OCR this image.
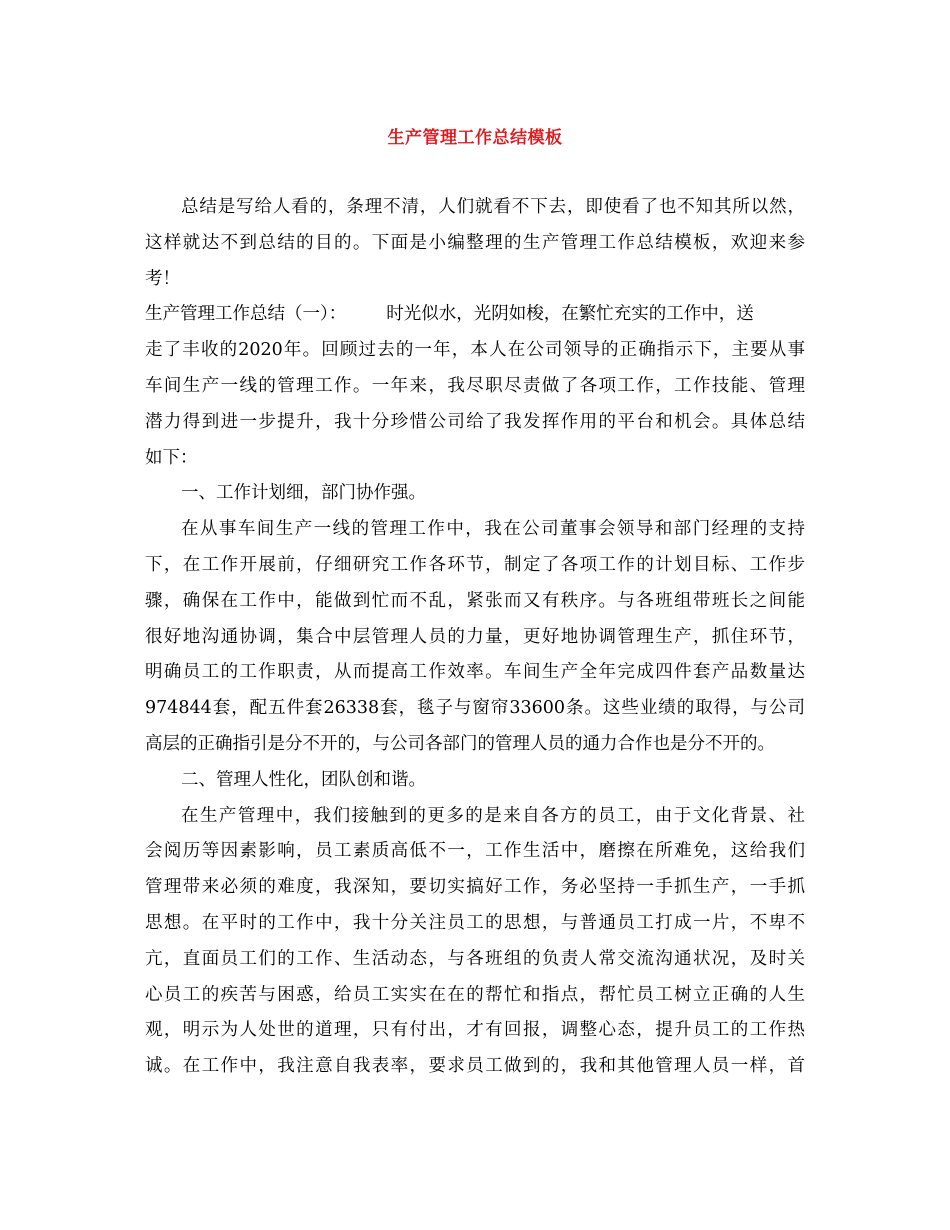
生产管理工作总结模板
总结是写给人看的，条理不清，人们就看不下去，即使看了也不知其所以然，
这样就达不到总结的目的。下面是小编整理的生产管理工作总结模板，欢迎来参
考！
生产管理工作总结（一）： 时光似水，光阴如梭，在繁忙充实的工作中，送
走了丰收的2020年。回顾过去的一年，本人在公司领导的正确指示下，主要从事
车间生产一线的管理工作。一年来，我尽职尽责做了各项工作，工作技能、管理
潜力得到进一步提升，我十分珍惜公司给了我发挥作用的平台和机会。具体总结
如下：
一、工作计划细，部门协作强。
在从事车间生产一线的管理工作中，我在公司董事会领导和部门经理的支持
下，在工作开展前，仔细研究工作各环节，制定了各项工作的计划目标、工作步
骤，确保在工作中，能做到忙而不乱，紧张而又有秩序。与各班组带班长之间能
很好地沟通协调，集合中层管理人员的力量，更好地协调管理生产，抓住环节，
明确员工的工作职责，从而提高工作效率。车间生产全年完成四件套产品数量达
974844套，配五件套26338套，毯子与窗帘33600条。这些业绩的取得，与公司
高层的正确指引是分不开的，与公司各部门的管理人员的通力合作也是分不开的。
二、管理人性化，团队创和谐。
在生产管理中，我们接触到的更多的是来自各方的员工，由于文化背景、社
会阅历等因素影响，员工素质高低不一，工作生活中，磨擦在所难免，这给我们
管理带来必须的难度，我深知，要切实搞好工作，务必坚持一手抓生产，一手抓
思想。在平时的工作中，我十分关注员工的思想，与普通员工打成一片，不卑不
亢，直面员工们的工作、生活动态，与各班组的负责人常交流沟通状况，及时关
心员工的疾苦与困惑，给员工实实在在的帮忙和指点，帮忙员工树立正确的人生
观，明示为人处世的道理，只有付出，才有回报，调整心态，提升员工的工作热
诚。在工作中，我注意自我表率，要求员工做到的，我和其他管理人员一样，首
